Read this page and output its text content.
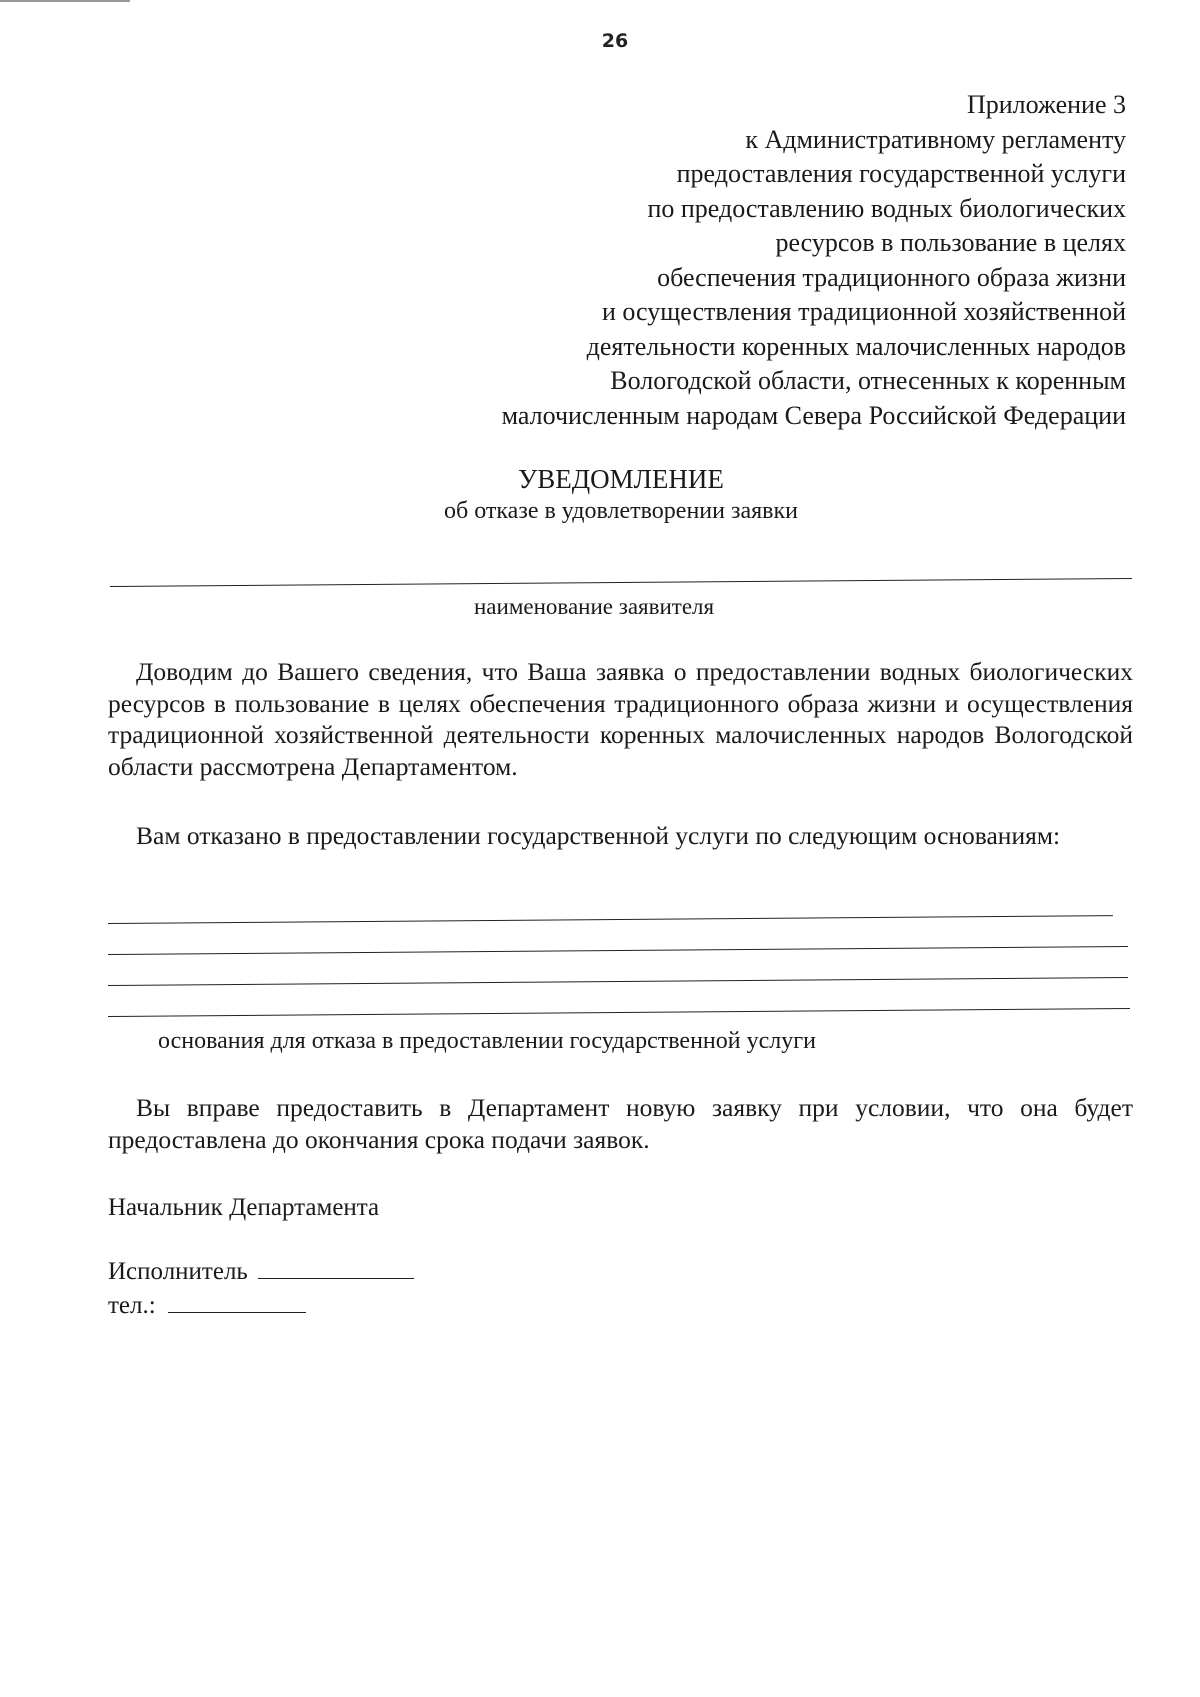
26
Приложение 3
к Административному регламенту
предоставления государственной услуги
по предоставлению водных биологических
ресурсов в пользование в целях
обеспечения традиционного образа жизни
и осуществления традиционной хозяйственной
деятельности коренных малочисленных народов
Вологодской области, отнесенных к коренным
малочисленным народам Севера Российской Федерации
УВЕДОМЛЕНИЕ
об отказе в удовлетворении заявки
наименование заявителя
Доводим до Вашего сведения, что Ваша заявка о предоставлении водных биологических ресурсов в пользование в целях обеспечения традиционного образа жизни и осуществления традиционной хозяйственной деятельности коренных малочисленных народов Вологодской области рассмотрена Департаментом.
Вам отказано в предоставлении государственной услуги по следующим основаниям:
основания для отказа в предоставлении государственной услуги
Вы вправе предоставить в Департамент новую заявку при условии, что она будет предоставлена до окончания срока подачи заявок.
Начальник Департамента
Исполнитель
тел.:
